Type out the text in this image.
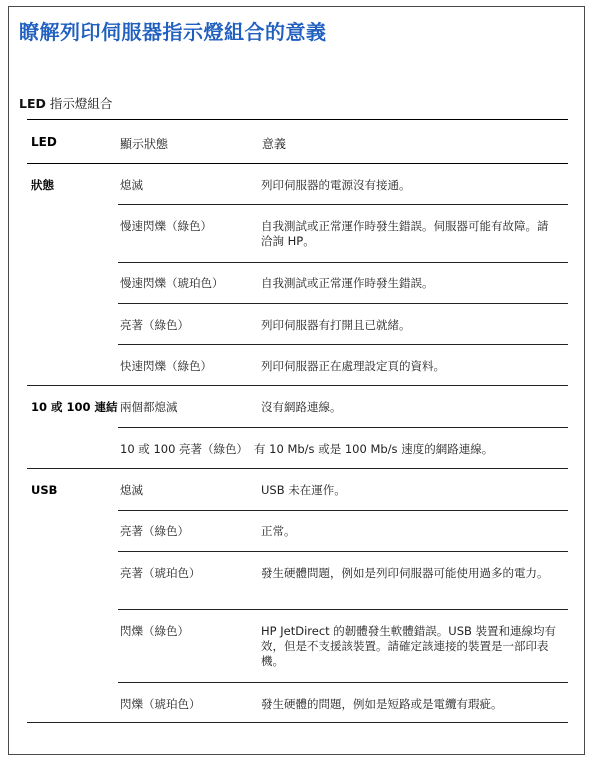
瞭解列印伺服器指示燈組合的意義
LED 指示燈組合
LED	顯示狀態	意義
狀態
10 或 100 連結
USB
熄滅
慢速閃爍（綠色）
慢速閃爍（琥珀色）
亮著（綠色）
快速閃爍（綠色）
兩個都熄滅
10 或 100 亮著（綠色）
熄滅
亮著（綠色）
亮著（琥珀色）
閃爍（綠色）
閃爍（琥珀色）
列印伺服器的電源沒有接通。
自我測試或正常運作時發生錯誤。伺服器可能有故障。請洽詢 HP。
自我測試或正常運作時發生錯誤。
列印伺服器有打開且已就緒。
列印伺服器正在處理設定頁的資料。
沒有網路連線。
有 10 Mb/s 或是 100 Mb/s 速度的網路連線。
USB 未在運作。
正常。
發生硬體問題，例如是列印伺服器可能使用過多的電力。
HP JetDirect 的韌體發生軟體錯誤。USB 裝置和連線均有效，但是不支援該裝置。請確定該連接的裝置是一部印表機。
發生硬體的問題，例如是短路或是電纜有瑕疵。
